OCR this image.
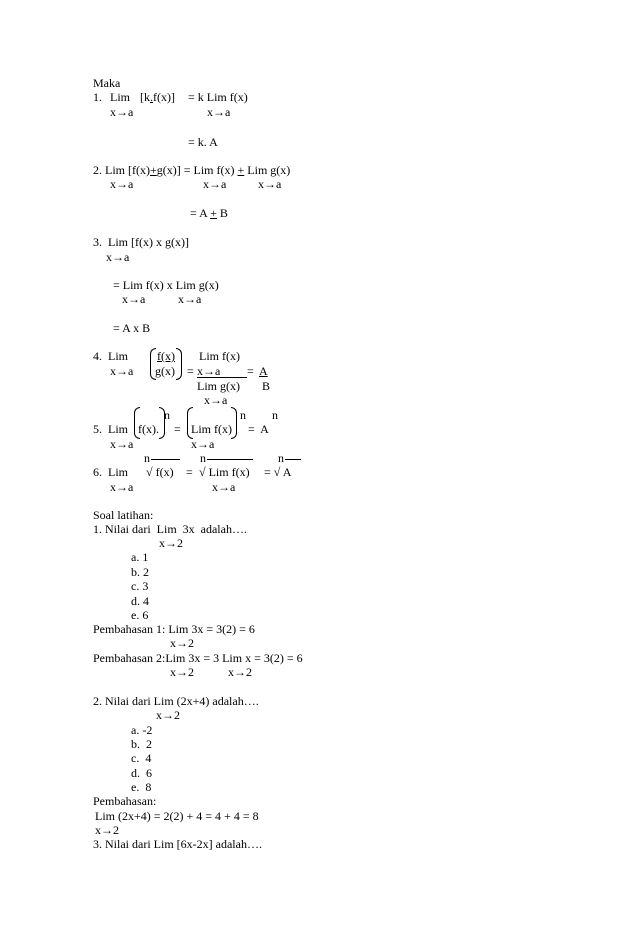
Maka
1. Lim [k.f(x)] = k Lim f(x)
x→a	x→a
= k. A
2. Lim [f(x)+g(x)] = Lim f(x) + Lim g(x)
x→a	x→a	x→a
= A + B
3.  Lim [f(x) x g(x)]
x→a
= Lim f(x) x Lim g(x)
x→a	x→a
= A x B
4.  Lim
x→a
f(x)
g(x)
Lim f(x)
= x→a = A
Lim g(x) B
x→a
n	n n
5.  Lim f(x). = Lim f(x) =  A
x→a	x→a
n	n	n
6.  Lim √ f(x) = √ Lim f(x) = √ A
x→a	x→a
Soal latihan:
1. Nilai dari  Lim  3x  adalah….
x→2
a. 1
b. 2
c. 3
d. 4
e. 6
Pembahasan 1: Lim 3x = 3(2) = 6
x→2
Pembahasan 2:Lim 3x = 3 Lim x = 3(2) = 6
x→2	x→2
2. Nilai dari Lim (2x+4) adalah….
x→2
a. -2
b.  2
c.  4
d.  6
e.  8
Pembahasan:
Lim (2x+4) = 2(2) + 4 = 4 + 4 = 8
x→2
3. Nilai dari Lim [6x-2x] adalah….
